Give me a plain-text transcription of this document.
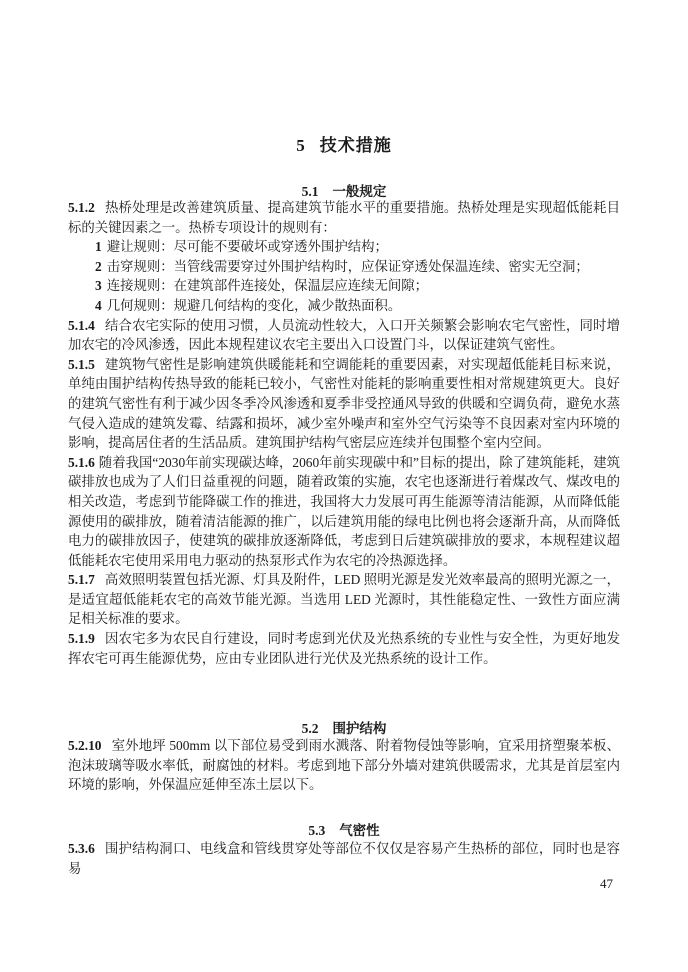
5 技术措施
5.1 一般规定

5.1.2 热桥处理是改善建筑质量、提高建筑节能水平的重要措施。热桥处理是实现超低能耗目标的关键因素之一。热桥专项设计的规则有：

1 避让规则：尽可能不要破坏或穿透外围护结构；

2 击穿规则：当管线需要穿过外围护结构时，应保证穿透处保温连续、密实无空洞；

3 连接规则：在建筑部件连接处，保温层应连续无间隙；

4 几何规则：规避几何结构的变化，减少散热面积。

5.1.4 结合农宅实际的使用习惯，人员流动性较大，入口开关频繁会影响农宅气密性，同时增加农宅的冷风渗透，因此本规程建议农宅主要出入口设置门斗，以保证建筑气密性。

5.1.5 建筑物气密性是影响建筑供暖能耗和空调能耗的重要因素，对实现超低能耗目标来说，单纯由围护结构传热导致的能耗已较小，气密性对能耗的影响重要性相对常规建筑更大。良好的建筑气密性有利于减少因冬季冷风渗透和夏季非受控通风导致的供暖和空调负荷，避免水蒸气侵入造成的建筑发霉、结露和损坏，减少室外噪声和室外空气污染等不良因素对室内环境的影响，提高居住者的生活品质。建筑围护结构气密层应连续并包围整个室内空间。

5.1.6 随着我国“2030年前实现碳达峰，2060年前实现碳中和”目标的提出，除了建筑能耗，建筑碳排放也成为了人们日益重视的问题，随着政策的实施，农宅也逐渐进行着煤改气、煤改电的相关改造，考虑到节能降碳工作的推进，我国将大力发展可再生能源等清洁能源，从而降低能源使用的碳排放，随着清洁能源的推广，以后建筑用能的绿电比例也将会逐渐升高，从而降低电力的碳排放因子，使建筑的碳排放逐渐降低，考虑到日后建筑碳排放的要求，本规程建议超低能耗农宅使用采用电力驱动的热泵形式作为农宅的冷热源选择。

5.1.7 高效照明装置包括光源、灯具及附件，LED 照明光源是发光效率最高的照明光源之一，是适宜超低能耗农宅的高效节能光源。当选用 LED 光源时，其性能稳定性、一致性方面应满足相关标准的要求。

5.1.9 因农宅多为农民自行建设，同时考虑到光伏及光热系统的专业性与安全性，为更好地发挥农宅可再生能源优势，应由专业团队进行光伏及光热系统的设计工作。

5.2 围护结构

5.2.10 室外地坪 500mm 以下部位易受到雨水溅落、附着物侵蚀等影响，宜采用挤塑聚苯板、泡沫玻璃等吸水率低，耐腐蚀的材料。考虑到地下部分外墙对建筑供暖需求，尤其是首层室内环境的影响，外保温应延伸至冻土层以下。

5.3 气密性

5.3.6 围护结构洞口、电线盒和管线贯穿处等部位不仅仅是容易产生热桥的部位，同时也是容易

47
